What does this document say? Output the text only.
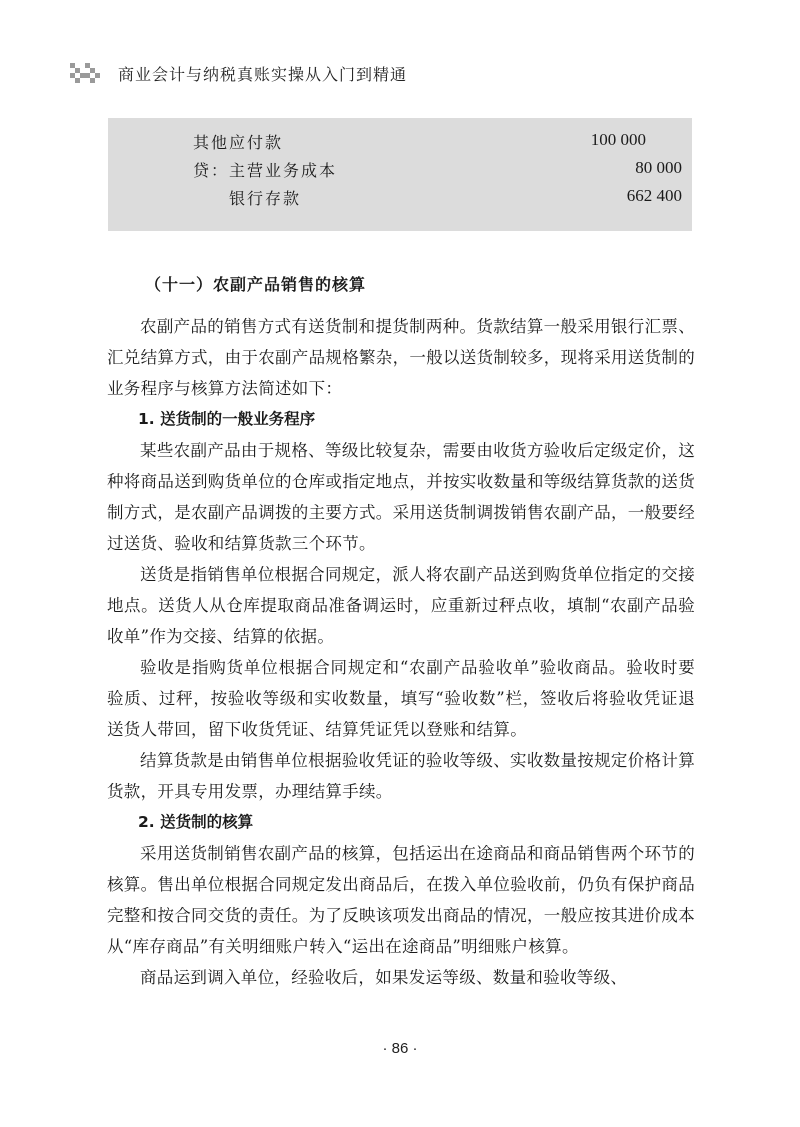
商业会计与纳税真账实操从入门到精通
其他应付款	100 000
贷：主营业务成本	80 000
银行存款	662 400
（十一）农副产品销售的核算

农副产品的销售方式有送货制和提货制两种。货款结算一般采用银行汇票、汇兑结算方式，由于农副产品规格繁杂，一般以送货制较多，现将采用送货制的业务程序与核算方法简述如下：

1. 送货制的一般业务程序

某些农副产品由于规格、等级比较复杂，需要由收货方验收后定级定价，这种将商品送到购货单位的仓库或指定地点，并按实收数量和等级结算货款的送货制方式，是农副产品调拨的主要方式。采用送货制调拨销售农副产品，一般要经过送货、验收和结算货款三个环节。

送货是指销售单位根据合同规定，派人将农副产品送到购货单位指定的交接地点。送货人从仓库提取商品准备调运时，应重新过秤点收，填制“农副产品验收单”作为交接、结算的依据。

验收是指购货单位根据合同规定和“农副产品验收单”验收商品。验收时要验质、过秤，按验收等级和实收数量，填写“验收数”栏，签收后将验收凭证退送货人带回，留下收货凭证、结算凭证凭以登账和结算。

结算货款是由销售单位根据验收凭证的验收等级、实收数量按规定价格计算货款，开具专用发票，办理结算手续。

2. 送货制的核算

采用送货制销售农副产品的核算，包括运出在途商品和商品销售两个环节的核算。售出单位根据合同规定发出商品后，在拨入单位验收前，仍负有保护商品完整和按合同交货的责任。为了反映该项发出商品的情况，一般应按其进价成本从“库存商品”有关明细账户转入“运出在途商品”明细账户核算。

商品运到调入单位，经验收后，如果发运等级、数量和验收等级、

· 86 ·
